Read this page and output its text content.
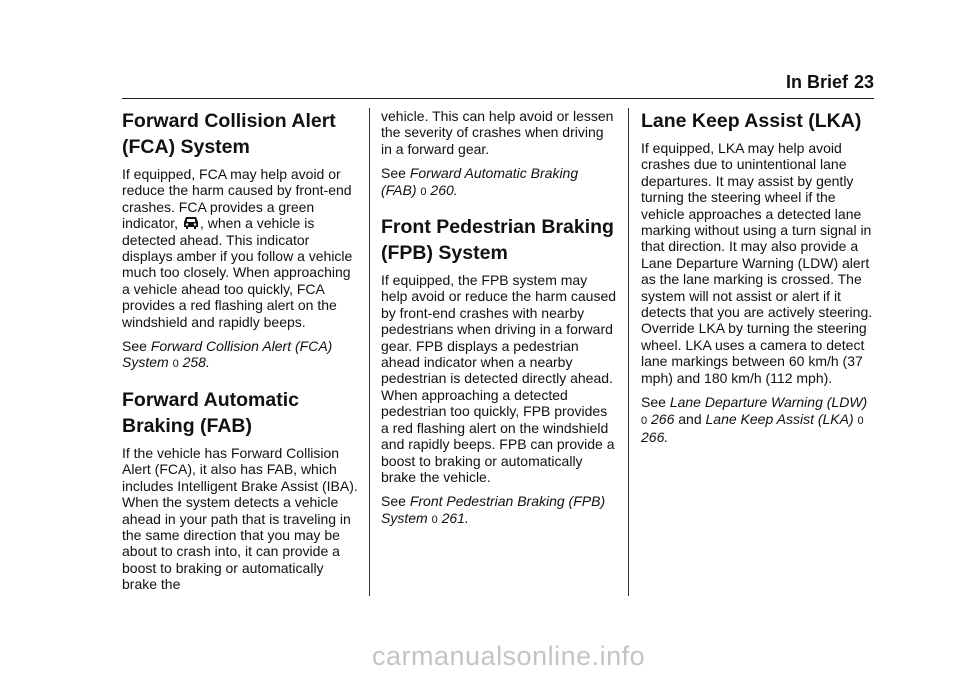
In Brief 23
Forward Collision Alert (FCA) System

If equipped, FCA may help avoid or reduce the harm caused by front-end crashes. FCA provides a green indicator, , when a vehicle is detected ahead. This indicator displays amber if you follow a vehicle much too closely. When approaching a vehicle ahead too quickly, FCA provides a red flashing alert on the windshield and rapidly beeps.

See Forward Collision Alert (FCA) System 0 258.

Forward Automatic Braking (FAB)

If the vehicle has Forward Collision Alert (FCA), it also has FAB, which includes Intelligent Brake Assist (IBA). When the system detects a vehicle ahead in your path that is traveling in the same direction that you may be about to crash into, it can provide a boost to braking or automatically brake the

vehicle. This can help avoid or lessen the severity of crashes when driving in a forward gear.

See Forward Automatic Braking (FAB) 0 260.

Front Pedestrian Braking (FPB) System

If equipped, the FPB system may help avoid or reduce the harm caused by front-end crashes with nearby pedestrians when driving in a forward gear. FPB displays a pedestrian ahead indicator when a nearby pedestrian is detected directly ahead. When approaching a detected pedestrian too quickly, FPB provides a red flashing alert on the windshield and rapidly beeps. FPB can provide a boost to braking or automatically brake the vehicle.

See Front Pedestrian Braking (FPB) System 0 261.

Lane Keep Assist (LKA)

If equipped, LKA may help avoid crashes due to unintentional lane departures. It may assist by gently turning the steering wheel if the vehicle approaches a detected lane marking without using a turn signal in that direction. It may also provide a Lane Departure Warning (LDW) alert as the lane marking is crossed. The system will not assist or alert if it detects that you are actively steering. Override LKA by turning the steering wheel. LKA uses a camera to detect lane markings between 60 km/h (37 mph) and 180 km/h (112 mph).

See Lane Departure Warning (LDW) 0 266 and Lane Keep Assist (LKA) 0 266.

carmanualsonline.info
